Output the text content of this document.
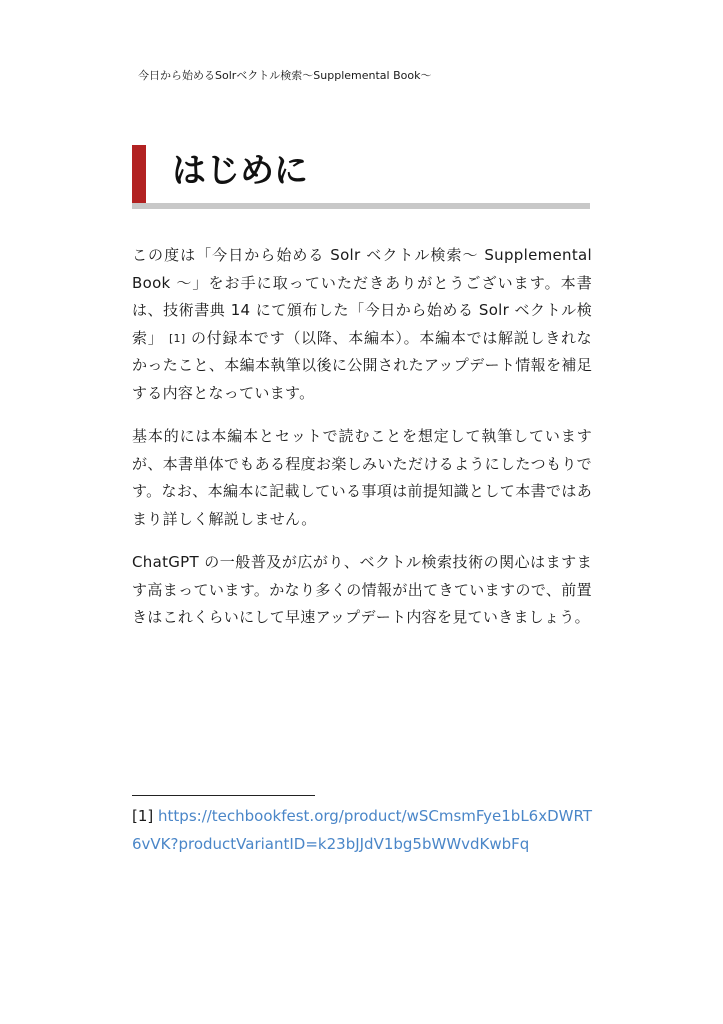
今日から始めるSolrベクトル検索〜Supplemental Book〜
はじめに

この度は「今日から始める Solr ベクトル検索〜 Supplemental Book 〜」をお手に取っていただきありがとうございます。本書は、技術書典 14 にて頒布した「今日から始める Solr ベクトル検索」 [1] の付録本です（以降、本編本）。本編本では解説しきれなかったこと、本編本執筆以後に公開されたアップデート情報を補足する内容となっています。

基本的には本編本とセットで読むことを想定して執筆していますが、本書単体でもある程度お楽しみいただけるようにしたつもりです。なお、本編本に記載している事項は前提知識として本書ではあまり詳しく解説しません。

ChatGPT の一般普及が広がり、ベクトル検索技術の関心はますます高まっています。かなり多くの情報が出てきていますので、前置きはこれくらいにして早速アップデート内容を見ていきましょう。

[1] https://techbookfest.org/product/wSCmsmFye1bL6xDWRT6vVK?productVariantID=k23bJJdV1bg5bWWvdKwbFq
